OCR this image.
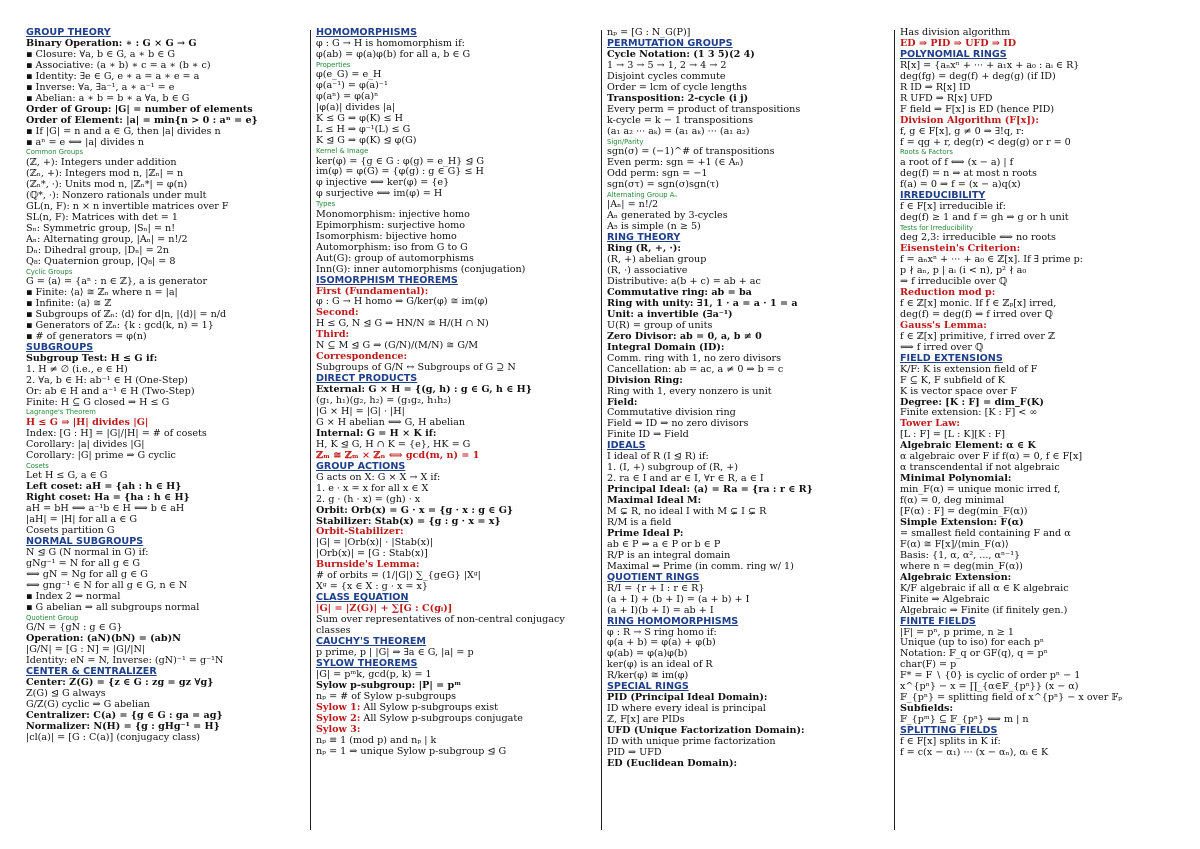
GROUP THEORY
Binary Operation: ∗ : G × G → G
▪ Closure: ∀a, b ∈ G, a ∗ b ∈ G
▪ Associative: (a ∗ b) ∗ c = a ∗ (b ∗ c)
▪ Identity: ∃e ∈ G, e ∗ a = a ∗ e = a
▪ Inverse: ∀a, ∃a⁻¹, a ∗ a⁻¹ = e
▪ Abelian: a ∗ b = b ∗ a ∀a, b ∈ G
Order of Group: |G| = number of elements
Order of Element: |a| = min{n > 0 : aⁿ = e}
▪ If |G| = n and a ∈ G, then |a| divides n
▪ aⁿ = e ⟺ |a| divides n
Common Groups
(ℤ, +): Integers under addition
(ℤₙ, +): Integers mod n, |ℤₙ| = n
(ℤₙ*, ·): Units mod n, |ℤₙ*| = φ(n)
(ℚ*, ·): Nonzero rationals under mult
GL(n, F): n × n invertible matrices over F
SL(n, F): Matrices with det = 1
Sₙ: Symmetric group, |Sₙ| = n!
Aₙ: Alternating group, |Aₙ| = n!/2
Dₙ: Dihedral group, |Dₙ| = 2n
Q₈: Quaternion group, |Q₈| = 8
Cyclic Groups
G = ⟨a⟩ = {aⁿ : n ∈ ℤ}, a is generator
▪ Finite: ⟨a⟩ ≅ ℤₙ where n = |a|
▪ Infinite: ⟨a⟩ ≅ ℤ
▪ Subgroups of ℤₙ: ⟨d⟩ for d|n, |⟨d⟩| = n/d
▪ Generators of ℤₙ: {k : gcd(k, n) = 1}
▪ # of generators = φ(n)
SUBGROUPS
Subgroup Test: H ≤ G if:
1. H ≠ ∅ (i.e., e ∈ H)
2. ∀a, b ∈ H: ab⁻¹ ∈ H (One-Step)
Or: ab ∈ H and a⁻¹ ∈ H (Two-Step)
Finite: H ⊆ G closed ⇒ H ≤ G
Lagrange's Theorem
H ≤ G ⇒ |H| divides |G|
Index: [G : H] = |G|/|H| = # of cosets
Corollary: |a| divides |G|
Corollary: |G| prime ⇒ G cyclic
Cosets
Let H ≤ G, a ∈ G
Left coset: aH = {ah : h ∈ H}
Right coset: Ha = {ha : h ∈ H}
aH = bH ⟺ a⁻¹b ∈ H ⟺ b ∈ aH
|aH| = |H| for all a ∈ G
Cosets partition G
NORMAL SUBGROUPS
N ⊴ G (N normal in G) if:
gNg⁻¹ = N for all g ∈ G
⟺ gN = Ng for all g ∈ G
⟺ gng⁻¹ ∈ N for all g ∈ G, n ∈ N
▪ Index 2 ⇒ normal
▪ G abelian ⇒ all subgroups normal
Quotient Group
G/N = {gN : g ∈ G}
Operation: (aN)(bN) = (ab)N
|G/N| = [G : N] = |G|/|N|
Identity: eN = N, Inverse: (gN)⁻¹ = g⁻¹N
CENTER & CENTRALIZER
Center: Z(G) = {z ∈ G : zg = gz ∀g}
Z(G) ⊴ G always
G/Z(G) cyclic ⇒ G abelian
Centralizer: C(a) = {g ∈ G : ga = ag}
Normalizer: N(H) = {g : gHg⁻¹ = H}
|cl(a)| = [G : C(a)] (conjugacy class)
HOMOMORPHISMS
φ : G → H is homomorphism if:
φ(ab) = φ(a)φ(b) for all a, b ∈ G
Properties
φ(e_G) = e_H
φ(a⁻¹) = φ(a)⁻¹
φ(aⁿ) = φ(a)ⁿ
|φ(a)| divides |a|
K ≤ G ⇒ φ(K) ≤ H
L ≤ H ⇒ φ⁻¹(L) ≤ G
K ⊴ G ⇒ φ(K) ⊴ φ(G)
Kernel & Image
ker(φ) = {g ∈ G : φ(g) = e_H} ⊴ G
im(φ) = φ(G) = {φ(g) : g ∈ G} ≤ H
φ injective ⟺ ker(φ) = {e}
φ surjective ⟺ im(φ) = H
Types
Monomorphism: injective homo
Epimorphism: surjective homo
Isomorphism: bijective homo
Automorphism: iso from G to G
Aut(G): group of automorphisms
Inn(G): inner automorphisms (conjugation)
ISOMORPHISM THEOREMS
First (Fundamental):
φ : G → H homo ⇒ G/ker(φ) ≅ im(φ)
Second:
H ≤ G, N ⊴ G ⇒ HN/N ≅ H/(H ∩ N)
Third:
N ⊆ M ⊴ G ⇒ (G/N)/(M/N) ≅ G/M
Correspondence:
Subgroups of G/N ↔ Subgroups of G ⊇ N
DIRECT PRODUCTS
External: G × H = {(g, h) : g ∈ G, h ∈ H}
(g₁, h₁)(g₂, h₂) = (g₁g₂, h₁h₂)
|G × H| = |G| · |H|
G × H abelian ⟺ G, H abelian
Internal: G = H × K if:
H, K ⊴ G, H ∩ K = {e}, HK = G
ℤₘ ≅ ℤₘ × ℤₙ ⟺ gcd(m, n) = 1
GROUP ACTIONS
G acts on X: G × X → X if:
1. e · x = x for all x ∈ X
2. g · (h · x) = (gh) · x
Orbit: Orb(x) = G · x = {g · x : g ∈ G}
Stabilizer: Stab(x) = {g : g · x = x}
Orbit-Stabilizer:
|G| = |Orb(x)| · |Stab(x)|
|Orb(x)| = [G : Stab(x)]
Burnside's Lemma:
# of orbits = (1/|G|) ∑_{g∈G} |Xᵍ|
Xᵍ = {x ∈ X : g · x = x}
CLASS EQUATION
|G| = |Z(G)| + ∑[G : C(gᵢ)]
Sum over representatives of non-central conjugacy
classes
CAUCHY'S THEOREM
p prime, p | |G| ⇒ ∃a ∈ G, |a| = p
SYLOW THEOREMS
|G| = pᵐk, gcd(p, k) = 1
Sylow p-subgroup: |P| = pᵐ
nₚ = # of Sylow p-subgroups
Sylow 1: All Sylow p-subgroups exist
Sylow 2: All Sylow p-subgroups conjugate
Sylow 3:
nₚ ≡ 1 (mod p) and nₚ | k
nₚ = 1 ⇒ unique Sylow p-subgroup ⊴ G
nₚ = [G : N_G(P)]
PERMUTATION GROUPS
Cycle Notation: (1 3 5)(2 4)
1 → 3 → 5 → 1, 2 → 4 → 2
Disjoint cycles commute
Order = lcm of cycle lengths
Transposition: 2-cycle (i j)
Every perm = product of transpositions
k-cycle = k − 1 transpositions
(a₁ a₂ ··· aₖ) = (a₁ aₖ) ··· (a₁ a₂)
Sign/Parity
sgn(σ) = (−1)^# of transpositions
Even perm: sgn = +1 (∈ Aₙ)
Odd perm: sgn = −1
sgn(στ) = sgn(σ)sgn(τ)
Alternating Group Aₙ
|Aₙ| = n!/2
Aₙ generated by 3-cycles
A₅ is simple (n ≥ 5)
RING THEORY
Ring (R, +, ·):
(R, +) abelian group
(R, ·) associative
Distributive: a(b + c) = ab + ac
Commutative ring: ab = ba
Ring with unity: ∃1, 1 · a = a · 1 = a
Unit: a invertible (∃a⁻¹)
U(R) = group of units
Zero Divisor: ab = 0, a, b ≠ 0
Integral Domain (ID):
Comm. ring with 1, no zero divisors
Cancellation: ab = ac, a ≠ 0 ⇒ b = c
Division Ring:
Ring with 1, every nonzero is unit
Field:
Commutative division ring
Field ⇒ ID ⇒ no zero divisors
Finite ID ⇒ Field
IDEALS
I ideal of R (I ⊴ R) if:
1. (I, +) subgroup of (R, +)
2. ra ∈ I and ar ∈ I, ∀r ∈ R, a ∈ I
Principal Ideal: ⟨a⟩ = Ra = {ra : r ∈ R}
Maximal Ideal M:
M ⊊ R, no ideal I with M ⊊ I ⊊ R
R/M is a field
Prime Ideal P:
ab ∈ P ⇒ a ∈ P or b ∈ P
R/P is an integral domain
Maximal ⇒ Prime (in comm. ring w/ 1)
QUOTIENT RINGS
R/I = {r + I : r ∈ R}
(a + I) + (b + I) = (a + b) + I
(a + I)(b + I) = ab + I
RING HOMOMORPHISMS
φ : R → S ring homo if:
φ(a + b) = φ(a) + φ(b)
φ(ab) = φ(a)φ(b)
ker(φ) is an ideal of R
R/ker(φ) ≅ im(φ)
SPECIAL RINGS
PID (Principal Ideal Domain):
ID where every ideal is principal
ℤ, F[x] are PIDs
UFD (Unique Factorization Domain):
ID with unique prime factorization
PID ⇒ UFD
ED (Euclidean Domain):
Has division algorithm
ED ⇒ PID ⇒ UFD ⇒ ID
POLYNOMIAL RINGS
R[x] = {aₙxⁿ + ··· + a₁x + a₀ : aᵢ ∈ R}
deg(fg) = deg(f) + deg(g) (if ID)
R ID ⇒ R[x] ID
R UFD ⇒ R[x] UFD
F field ⇒ F[x] is ED (hence PID)
Division Algorithm (F[x]):
f, g ∈ F[x], g ≠ 0 ⇒ ∃!q, r:
f = qg + r, deg(r) < deg(g) or r = 0
Roots & Factors
a root of f ⟺ (x − a) | f
deg(f) = n ⇒ at most n roots
f(a) = 0 ⇒ f = (x − a)q(x)
IRREDUCIBILITY
f ∈ F[x] irreducible if:
deg(f) ≥ 1 and f = gh ⇒ g or h unit
Tests for Irreducibility
deg 2,3: irreducible ⟺ no roots
Eisenstein's Criterion:
f = aₙxⁿ + ··· + a₀ ∈ ℤ[x]. If ∃ prime p:
p ∤ aₙ, p | aᵢ (i < n), p² ∤ a₀
⇒ f irreducible over ℚ
Reduction mod p:
f ∈ ℤ[x] monic. If f̄ ∈ ℤₚ[x] irred,
deg(f̄) = deg(f) ⇒ f irred over ℚ
Gauss's Lemma:
f ∈ ℤ[x] primitive, f irred over ℤ
⟺ f irred over ℚ
FIELD EXTENSIONS
K/F: K is extension field of F
F ⊆ K, F subfield of K
K is vector space over F
Degree: [K : F] = dim_F(K)
Finite extension: [K : F] < ∞
Tower Law:
[L : F] = [L : K][K : F]
Algebraic Element: α ∈ K
α algebraic over F if f(α) = 0, f ∈ F[x]
α transcendental if not algebraic
Minimal Polynomial:
min_F(α) = unique monic irred f,
f(α) = 0, deg minimal
[F(α) : F] = deg(min_F(α))
Simple Extension: F(α)
= smallest field containing F and α
F(α) ≅ F[x]/⟨min_F(α)⟩
Basis: {1, α, α², ..., αⁿ⁻¹}
where n = deg(min_F(α))
Algebraic Extension:
K/F algebraic if all α ∈ K algebraic
Finite ⇒ Algebraic
Algebraic ⇒ Finite (if finitely gen.)
FINITE FIELDS
|F| = pⁿ, p prime, n ≥ 1
Unique (up to iso) for each pⁿ
Notation: 𝔽_q or GF(q), q = pⁿ
char(F) = p
F* = F ∖ {0} is cyclic of order pⁿ − 1
x^{pⁿ} − x = ∏_{α∈𝔽_{pⁿ}} (x − α)
𝔽_{pⁿ} = splitting field of x^{pⁿ} − x over 𝔽ₚ
Subfields:
𝔽_{pᵐ} ⊆ 𝔽_{pⁿ} ⟺ m | n
SPLITTING FIELDS
f ∈ F[x] splits in K if:
f = c(x − α₁) ··· (x − αₙ), αᵢ ∈ K
